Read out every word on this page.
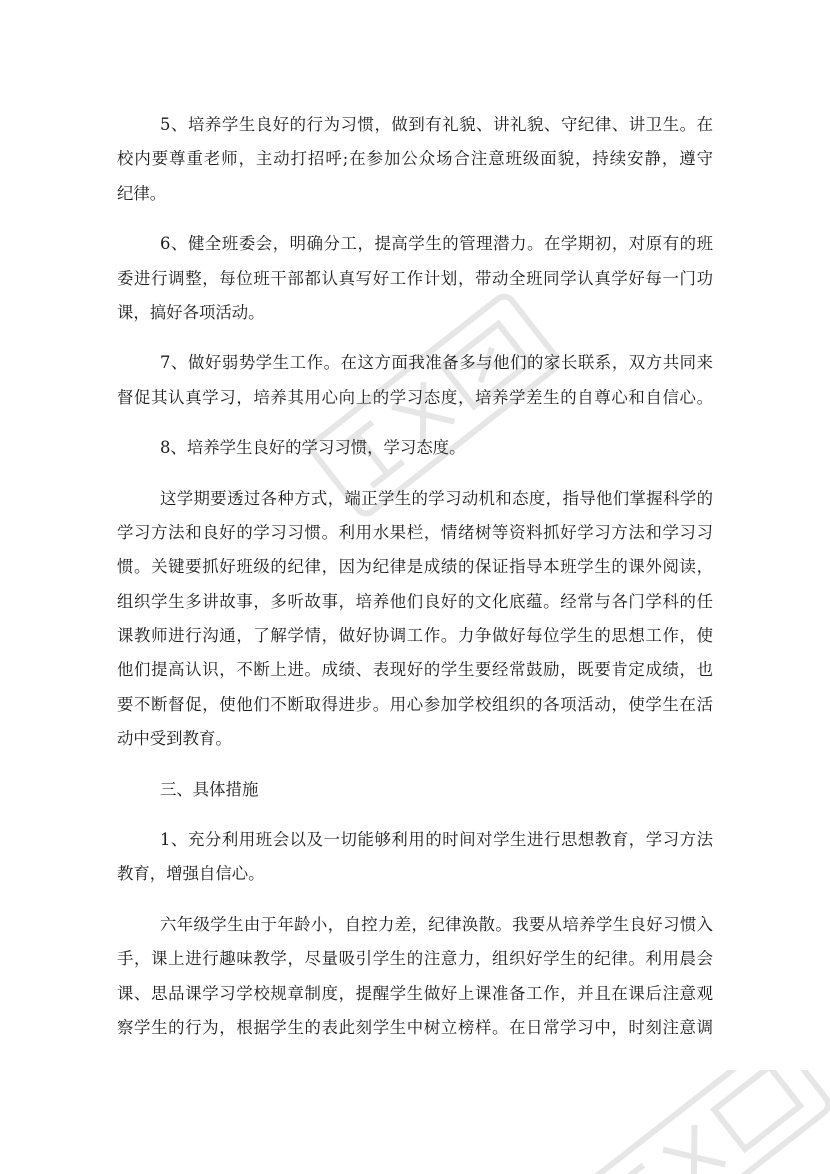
5、培养学生良好的行为习惯，做到有礼貌、讲礼貌、守纪律、讲卫生。在
校内要尊重老师，主动打招呼;在参加公众场合注意班级面貌，持续安静，遵守
纪律。

6、健全班委会，明确分工，提高学生的管理潜力。在学期初，对原有的班
委进行调整，每位班干部都认真写好工作计划，带动全班同学认真学好每一门功
课，搞好各项活动。

7、做好弱势学生工作。在这方面我准备多与他们的家长联系，双方共同来
督促其认真学习，培养其用心向上的学习态度，培养学差生的自尊心和自信心。

8、培养学生良好的学习习惯，学习态度。

这学期要透过各种方式，端正学生的学习动机和态度，指导他们掌握科学的
学习方法和良好的学习习惯。利用水果栏，情绪树等资料抓好学习方法和学习习
惯。关键要抓好班级的纪律，因为纪律是成绩的保证指导本班学生的课外阅读，
组织学生多讲故事，多听故事，培养他们良好的文化底蕴。经常与各门学科的任
课教师进行沟通，了解学情，做好协调工作。力争做好每位学生的思想工作，使
他们提高认识，不断上进。成绩、表现好的学生要经常鼓励，既要肯定成绩，也
要不断督促，使他们不断取得进步。用心参加学校组织的各项活动，使学生在活
动中受到教育。

三、具体措施

1、充分利用班会以及一切能够利用的时间对学生进行思想教育，学习方法
教育，增强自信心。

六年级学生由于年龄小，自控力差，纪律涣散。我要从培养学生良好习惯入
手，课上进行趣味教学，尽量吸引学生的注意力，组织好学生的纪律。利用晨会
课、思品课学习学校规章制度，提醒学生做好上课准备工作，并且在课后注意观
察学生的行为，根据学生的表此刻学生中树立榜样。在日常学习中，时刻注意调
